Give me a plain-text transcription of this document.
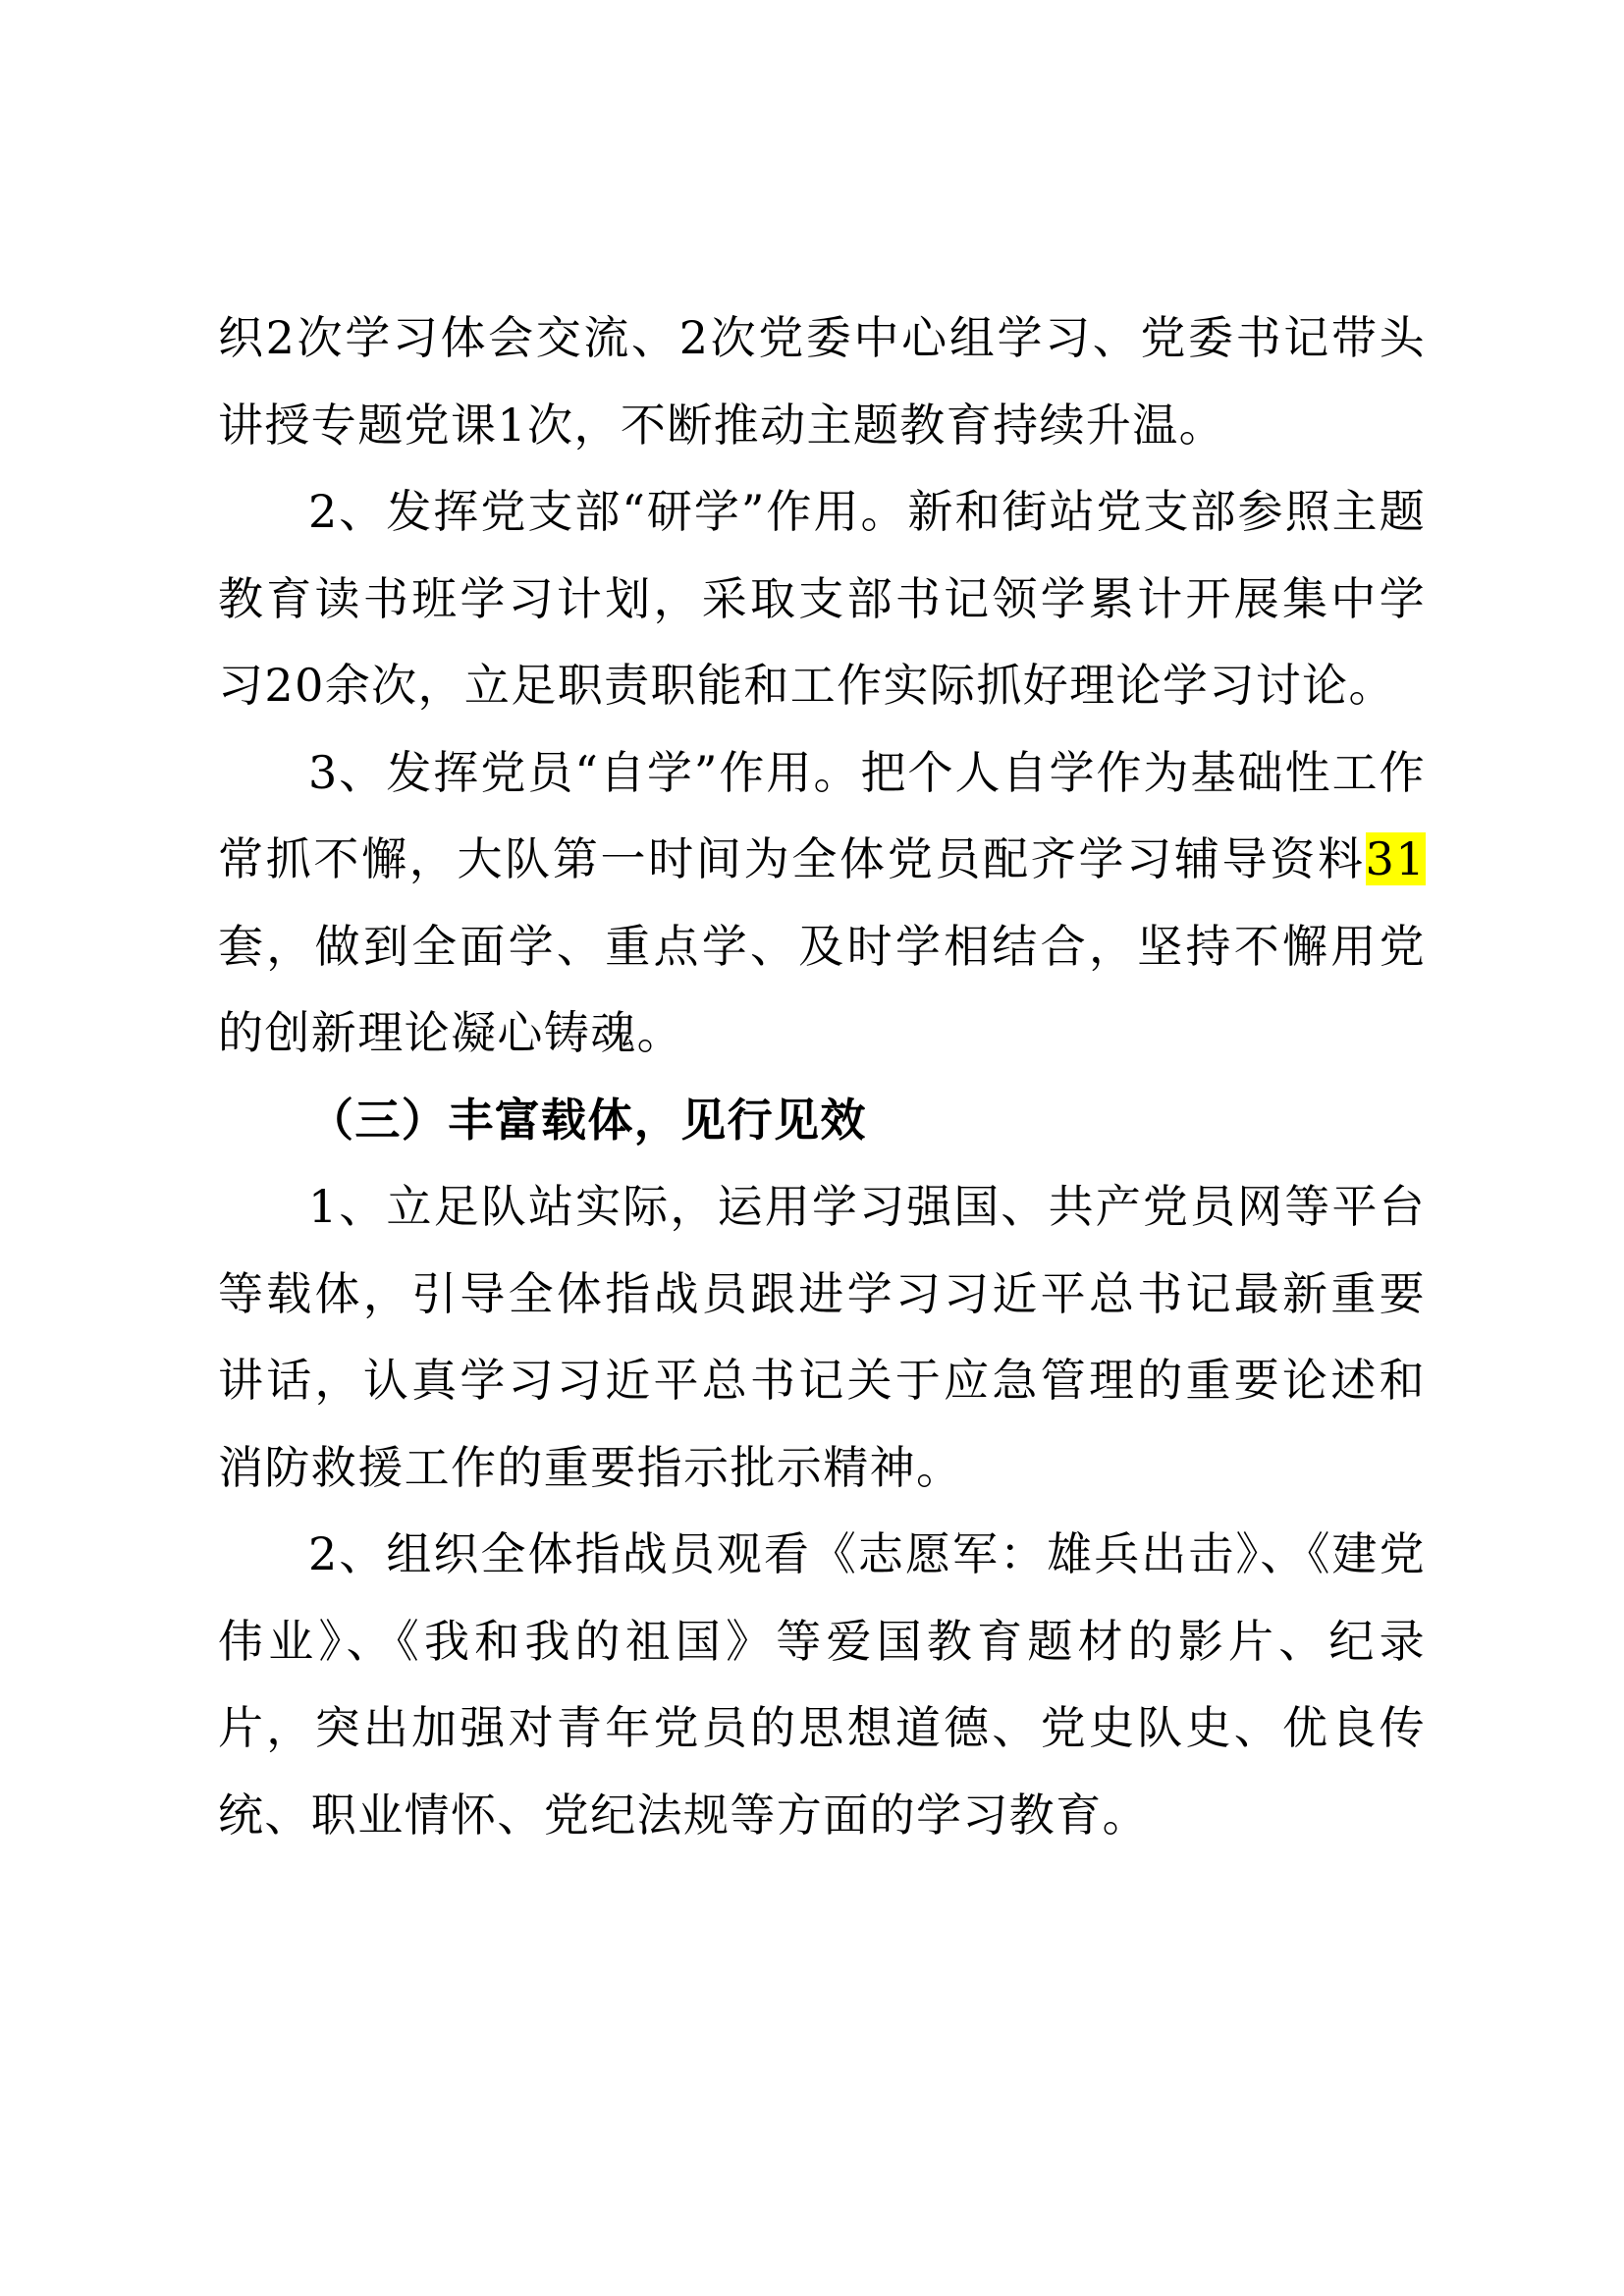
织2次学习体会交流、2次党委中心组学习、党委书记带头讲授专题党课1次，不断推动主题教育持续升温。

2、发挥党支部“研学”作用。新和街站党支部参照主题教育读书班学习计划，采取支部书记领学累计开展集中学习20余次，立足职责职能和工作实际抓好理论学习讨论。

3、发挥党员“自学”作用。把个人自学作为基础性工作常抓不懈，大队第一时间为全体党员配齐学习辅导资料31套，做到全面学、重点学、及时学相结合，坚持不懈用党的创新理论凝心铸魂。

（三）丰富载体，见行见效

1、立足队站实际，运用学习强国、共产党员网等平台等载体，引导全体指战员跟进学习习近平总书记最新重要讲话，认真学习习近平总书记关于应急管理的重要论述和消防救援工作的重要指示批示精神。

2、组织全体指战员观看《志愿军：雄兵出击》、《建党伟业》、《我和我的祖国》等爱国教育题材的影片、纪录片，突出加强对青年党员的思想道德、党史队史、优良传统、职业情怀、党纪法规等方面的学习教育。
